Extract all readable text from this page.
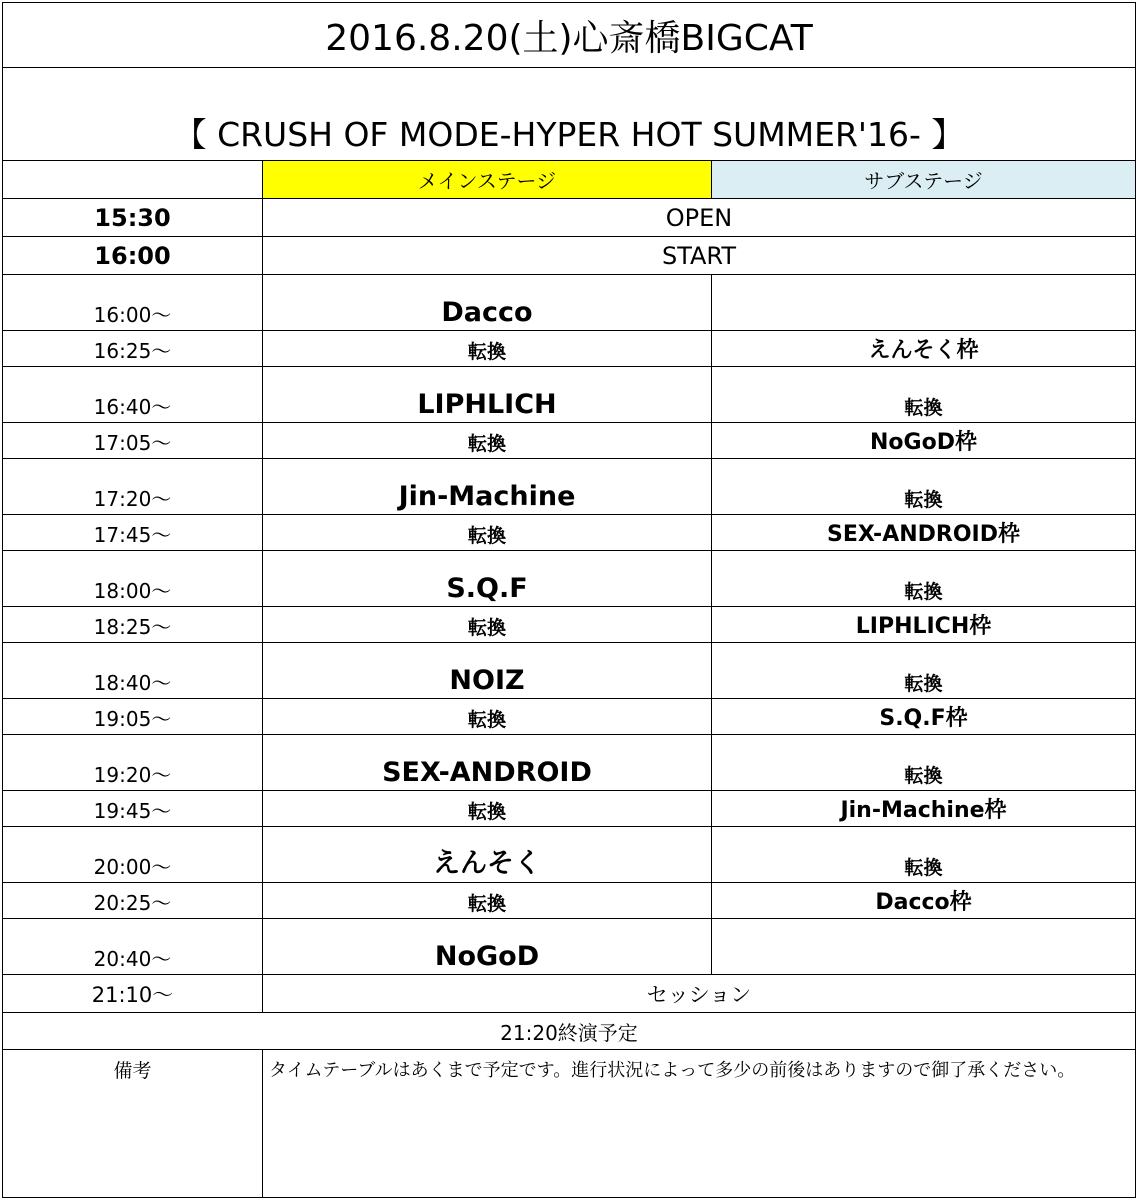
2016.8.20(土)心斎橋BIGCAT		
【 CRUSH OF MODE-HYPER HOT SUMMER'16- 】		
	メインステージ	サブステージ
15:30	OPEN	
16:00	START	
16:00～	Dacco	
16:25～	転換	えんそく枠
16:40～	LIPHLICH	転換
17:05～	転換	NoGoD枠
17:20～	Jin-Machine	転換
17:45～	転換	SEX-ANDROID枠
18:00～	S.Q.F	転換
18:25～	転換	LIPHLICH枠
18:40～	NOIZ	転換
19:05～	転換	S.Q.F枠
19:20～	SEX-ANDROID	転換
19:45～	転換	Jin-Machine枠
20:00～	えんそく	転換
20:25～	転換	Dacco枠
20:40～	NoGoD	
21:10～	セッション	
21:20終演予定		
備考	タイムテーブルはあくまで予定です。進行状況によって多少の前後はありますので御了承ください。	
